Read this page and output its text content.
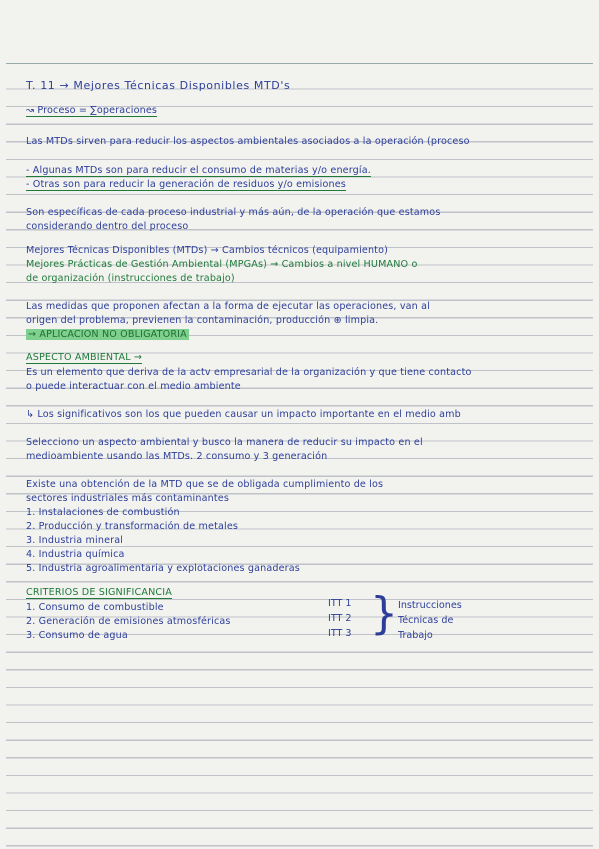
T. 11 → Mejores Técnicas Disponibles MTD's
↝ Proceso = ∑operaciones
Las MTDs sirven para reducir los aspectos ambientales asociados a la operación (proceso
- Algunas MTDs son para reducir el consumo de materias y/o energía.
- Otras son para reducir la generación de residuos y/o emisiones
Son específicas de cada proceso industrial y más aún, de la operación que estamos
considerando dentro del proceso
Mejores Técnicas Disponibles (MTDs) → Cambios técnicos (equipamiento)
Mejores Prácticas de Gestión Ambiental (MPGAs) → Cambios a nivel HUMANO o
de organización (instrucciones de trabajo)
Las medidas que proponen afectan a la forma de ejecutar las operaciones, van al
origen del problema, previenen la contaminación, producción ⊕ limpia.
→ APLICACIÓN NO OBLIGATORIA
ASPECTO AMBIENTAL →
Es un elemento que deriva de la actv empresarial de la organización y que tiene contacto
o puede interactuar con el medio ambiente
↳ Los significativos son los que pueden causar un impacto importante en el medio amb
Selecciono un aspecto ambiental y busco la manera de reducir su impacto en el
medioambiente usando las MTDs. 2 consumo y 3 generación
Existe una obtención de la MTD que se de obligada cumplimiento de los
sectores industriales más contaminantes
1. Instalaciones de combustión
2. Producción y transformación de metales
3. Industria mineral
4. Industria química
5. Industria agroalimentaria y explotaciones ganaderas
CRITERIOS DE SIGNIFICANCIA
1. Consumo de combustible
2. Generación de emisiones atmosféricas
3. Consumo de agua
ITT 1
ITT 2
ITT 3 } Instrucciones
Técnicas de
Trabajo
